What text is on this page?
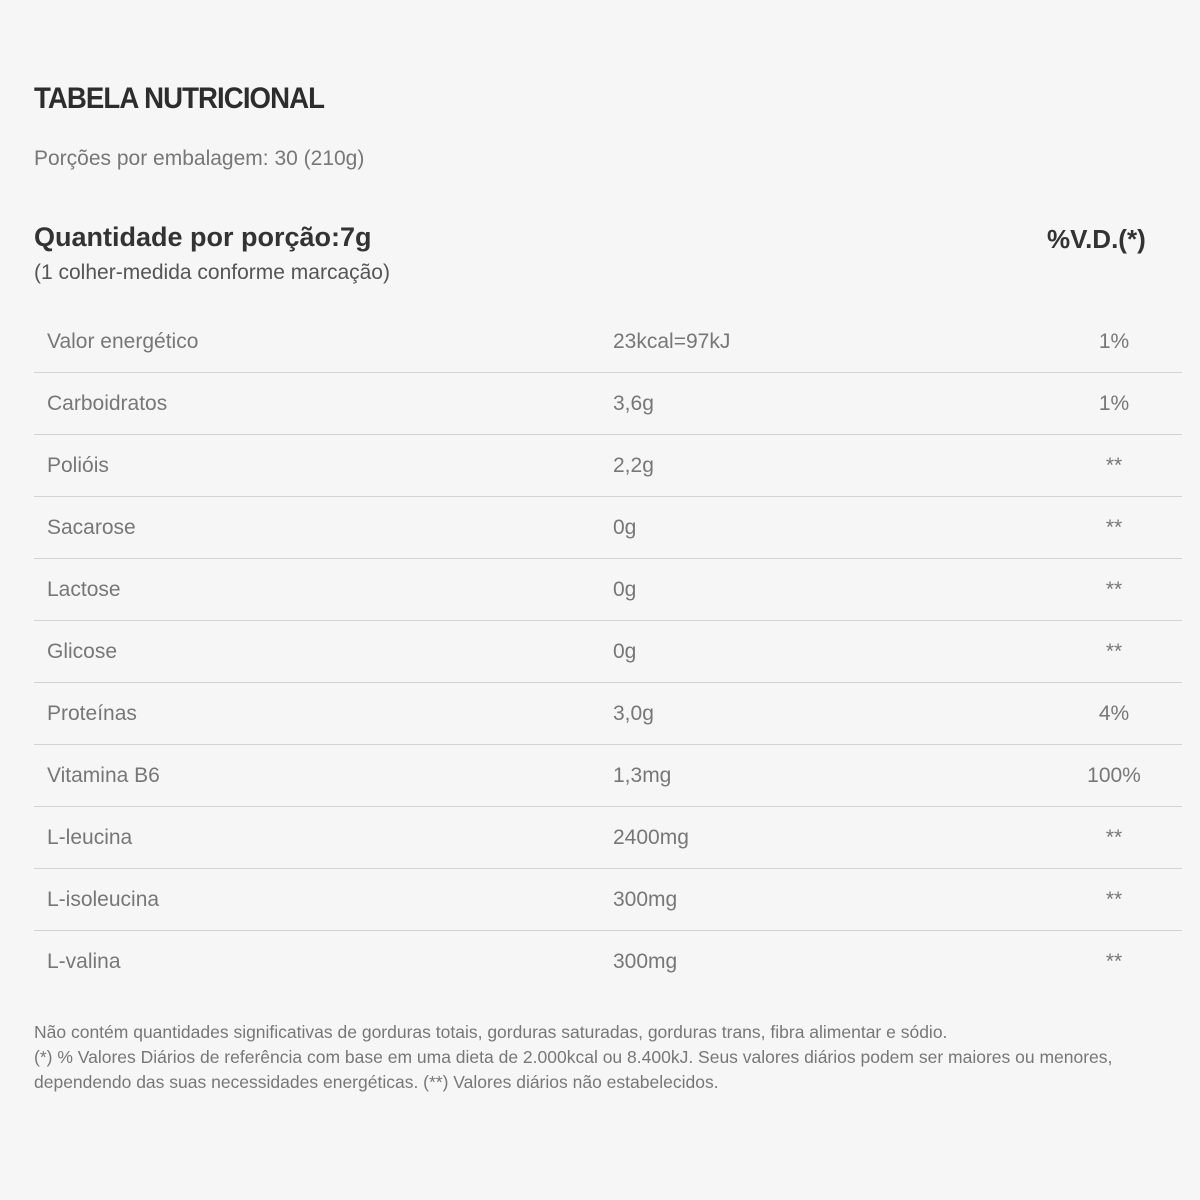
TABELA NUTRICIONAL
Porções por embalagem: 30 (210g)
Quantidade por porção:7g
(1 colher-medida conforme marcação)
%V.D.(*)
Valor energético	23kcal=97kJ	1%
Carboidratos	3,6g	1%
Polióis	2,2g	**
Sacarose	0g	**
Lactose	0g	**
Glicose	0g	**
Proteínas	3,0g	4%
Vitamina B6	1,3mg	100%
L-leucina	2400mg	**
L-isoleucina	300mg	**
L-valina	300mg	**

Não contém quantidades significativas de gorduras totais, gorduras saturadas, gorduras trans, fibra alimentar e sódio.

(*) % Valores Diários de referência com base em uma dieta de 2.000kcal ou 8.400kJ. Seus valores diários podem ser maiores ou menores, dependendo das suas necessidades energéticas. (**) Valores diários não estabelecidos.
